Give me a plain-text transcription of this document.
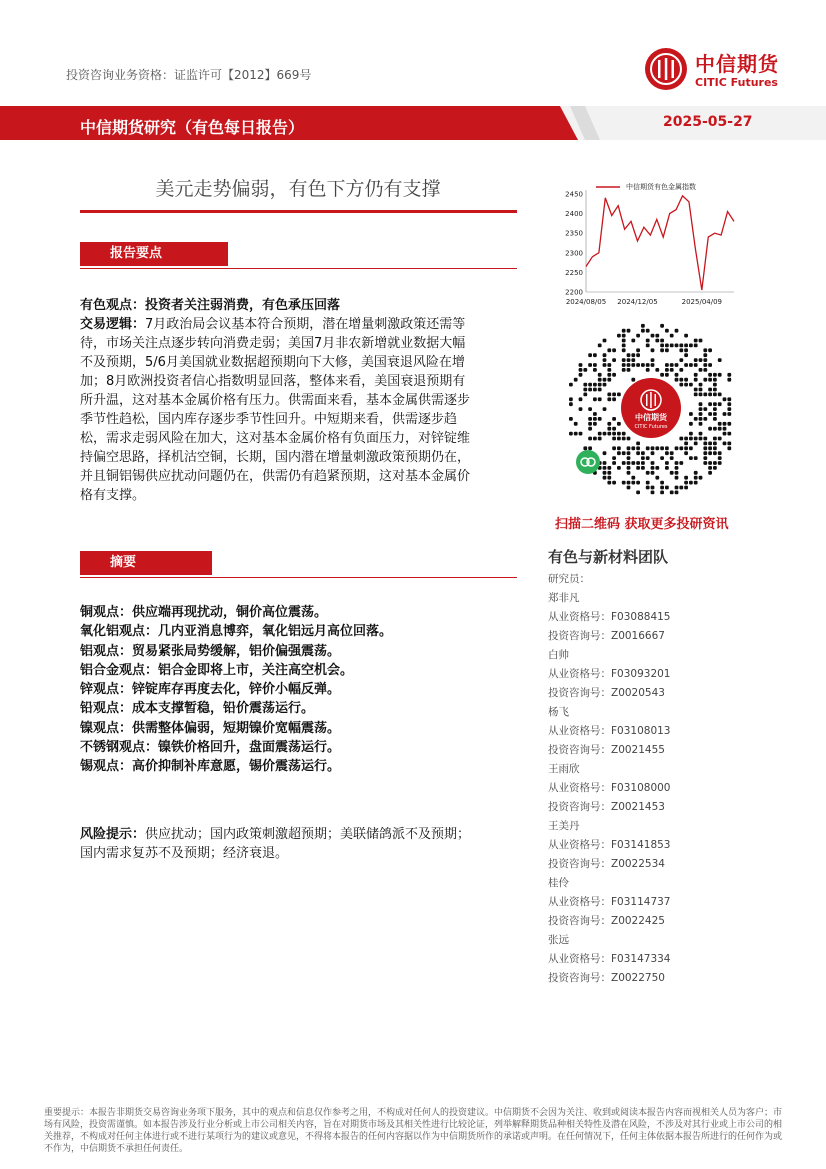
投资咨询业务资格：证监许可【2012】669号	中信期货
CITIC Futures
中信期货研究（有色每日报告）	2025-05-27
美元走势偏弱，有色下方仍有支撑
报告要点
有色观点：投资者关注弱消费，有色承压回落
交易逻辑：7月政治局会议基本符合预期，潜在增量刺激政策还需等
待，市场关注点逐步转向消费走弱；美国7月非农新增就业数据大幅
不及预期，5/6月美国就业数据超预期向下大修，美国衰退风险在增
加；8月欧洲投资者信心指数明显回落，整体来看，美国衰退预期有
所升温，这对基本金属价格有压力。供需面来看，基本金属供需逐步
季节性趋松，国内库存逐步季节性回升。中短期来看，供需逐步趋
松，需求走弱风险在加大，这对基本金属价格有负面压力，对锌锭维
持偏空思路，择机沽空铜，长期，国内潜在增量刺激政策预期仍在，
并且铜铝锡供应扰动问题仍在，供需仍有趋紧预期，这对基本金属价
格有支撑。
摘要
铜观点：供应端再现扰动，铜价高位震荡。
氧化铝观点：几内亚消息博弈，氧化铝远月高位回落。
铝观点：贸易紧张局势缓解，铝价偏强震荡。
铝合金观点：铝合金即将上市，关注高空机会。
锌观点：锌锭库存再度去化，锌价小幅反弹。
铅观点：成本支撑暂稳，铅价震荡运行。
镍观点：供需整体偏弱，短期镍价宽幅震荡。
不锈钢观点：镍铁价格回升，盘面震荡运行。
锡观点：高价抑制补库意愿，锡价震荡运行。
风险提示：供应扰动；国内政策刺激超预期；美联储鸽派不及预期；
国内需求复苏不及预期；经济衰退。
2200
2250
2300
2350
2400
2450
2024/08/05 2024/12/05	2025/04/09
中信期货有色金属指数
中信期货
CITIC Futures
扫描二维码 获取更多投研资讯
有色与新材料团队
研究员：
郑非凡
从业资格号：F03088415
投资咨询号：Z0016667
白帅
从业资格号：F03093201
投资咨询号：Z0020543
杨飞
从业资格号：F03108013
投资咨询号：Z0021455
王雨欣
从业资格号：F03108000
投资咨询号：Z0021453
王美丹
从业资格号：F03141853
投资咨询号：Z0022534
桂伶
从业资格号：F03114737
投资咨询号：Z0022425
张远
从业资格号：F03147334
投资咨询号：Z0022750
重要提示：本报告非期货交易咨询业务项下服务，其中的观点和信息仅作参考之用，不构成对任何人的投资建议。中信期货不会因为关注、收到或阅读本报告内容而视相关人员为客户；市场有风险，投资需谨慎。如本报告涉及行业分析或上市公司相关内容，旨在对期货市场及其相关性进行比较论证，列举解释期货品种相关特性及潜在风险，不涉及对其行业或上市公司的相关推荐，不构成对任何主体进行或不进行某项行为的建议或意见，不得将本报告的任何内容据以作为中信期货所作的承诺或声明。在任何情况下，任何主体依据本报告所进行的任何作为或不作为，中信期货不承担任何责任。
